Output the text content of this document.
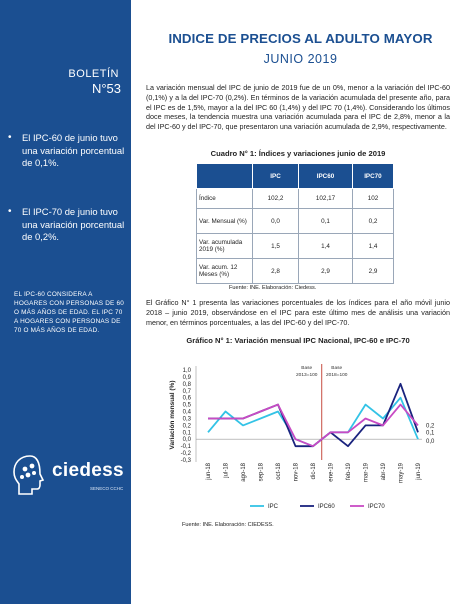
BOLETÍN
N°53
•	El IPC-60 de junio tuvo una variación porcentual de 0,1%.
•	El IPC-70 de junio tuvo una variación porcentual de 0,2%.
EL IPC-60 CONSIDERA A HOGARES CON PERSONAS DE 60 O MÁS AÑOS DE EDAD. EL IPC 70 A HOGARES CON PERSONAS DE 70 O MÁS AÑOS DE EDAD.
ciedess
SENECO CCHC
INDICE DE PRECIOS AL ADULTO MAYOR
JUNIO 2019
La variación mensual del IPC de junio de 2019 fue de un 0%, menor a la variación del IPC-60 (0,1%) y a la del IPC-70 (0,2%). En términos de la variación acumulada del presente año, para el IPC es de 1,5%, mayor a la del IPC 60 (1,4%) y del IPC 70 (1,4%). Considerando los últimos doce meses, la tendencia muestra una variación acumulada para el IPC de 2,8%, menor a la del IPC-60 y del IPC-70, que presentaron una variación acumulada de 2,9%, respectivamente.
Cuadro N° 1: Índices y variaciones junio de 2019
	IPC	IPC60	IPC70
Índice	102,2	102,17	102
Var. Mensual (%)	0,0	0,1	0,2
Var. acumulada 2019 (%)	1,5	1,4	1,4
Var. acum. 12 Meses (%)	2,8	2,9	2,9
Fuente: INE. Elaboración: Ciedess.
El Gráfico N° 1 presenta las variaciones porcentuales de los índices para el año móvil junio 2018 – junio 2019, observándose en el IPC para este último mes de análisis una variación menor, en términos porcentuales, a las del IPC-60 y del IPC-70.
Gráfico N° 1: Variación mensual IPC Nacional, IPC-60 e IPC-70
Variación mensual (%)
1,0
0,9
0,8
0,7
0,6
0,5
0,4
0,3
0,2
0,1
0,0
-0,1
-0,2
-0,3
Base
2013=100
Base
2018=100
jun-18 jul-18 ago-18 sep-18 oct-18 nov-18 dic-18 ene-19 feb-19 mar-19 abr-19 may-19 jun-19
0,2
0,1
0,0
IPC	IPC60	IPC70
Fuente: INE. Elaboración: CIEDESS.
